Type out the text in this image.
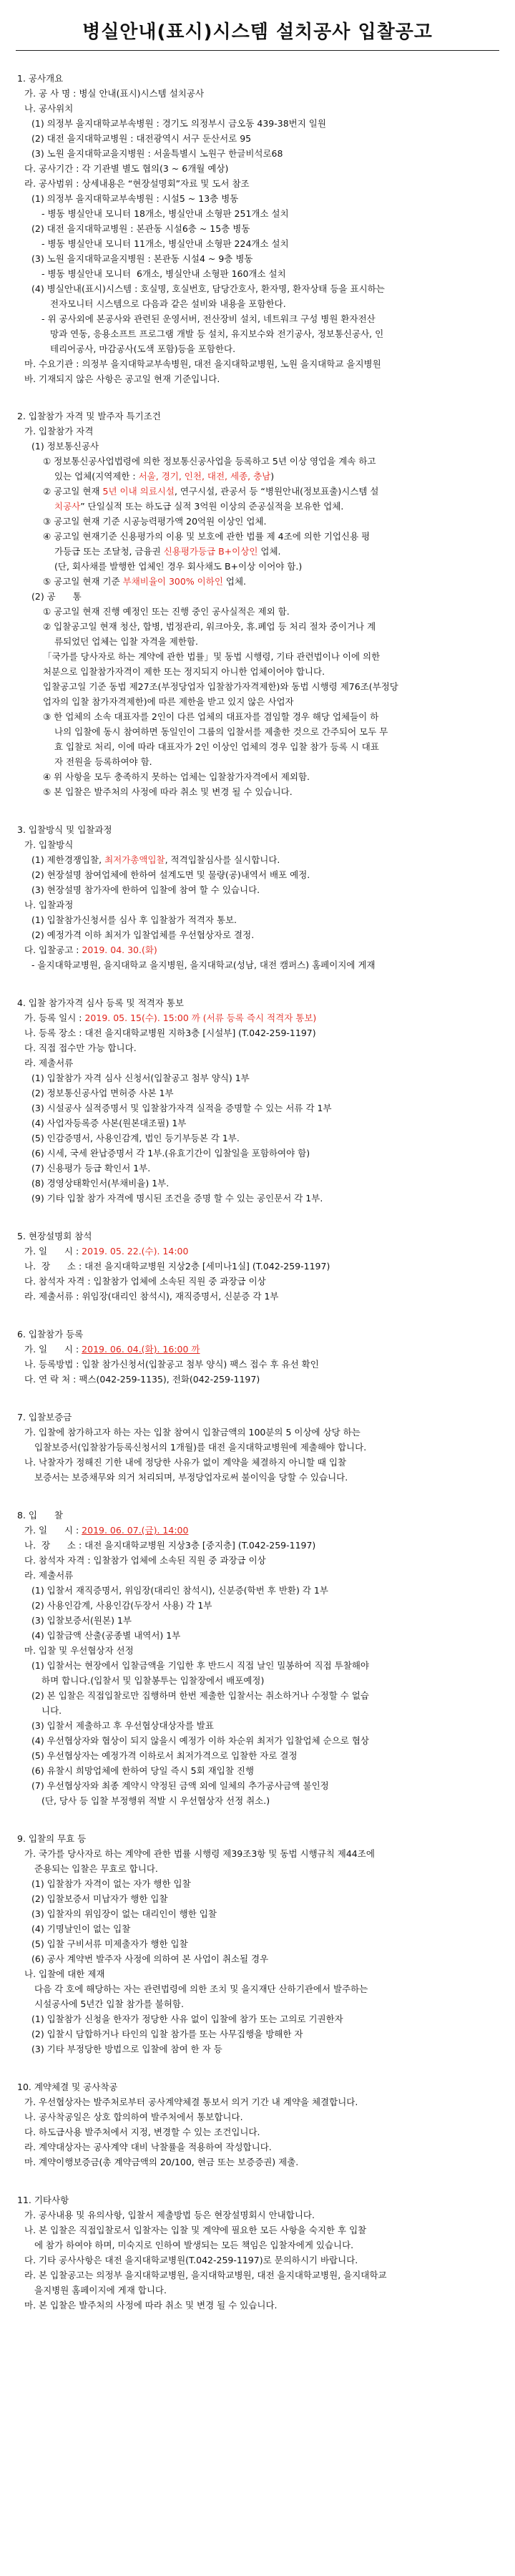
병실안내(표시)시스템 설치공사 입찰공고
1. 공사개요
가. 공 사 명 : 병실 안내(표시)시스템 설치공사
나. 공사위치
(1) 의정부 을지대학교부속병원 : 경기도 의정부시 금오동 439-38번지 일원
(2) 대전 을지대학교병원 : 대전광역시 서구 둔산서로 95
(3) 노원 을지대학교을지병원 : 서울특별시 노원구 한글비석로68
다. 공사기간 : 각 기관별 별도 협의(3 ~ 6개월 예상)
라. 공사범위 : 상세내용은 “현장설명회”자료 및 도서 참조
(1) 의정부 을지대학교부속병원 : 시설5 ~ 13층 병동
- 병동 병실안내 모니터 18개소, 병실안내 소형판 251개소 설치
(2) 대전 을지대학교병원 : 본관동 시설6층 ~ 15층 병동
- 병동 병실안내 모니터 11개소, 병실안내 소형판 224개소 설치
(3) 노원 을지대학교을지병원 : 본관동 시설4 ~ 9층 병동
- 병동 병실안내 모니터  6개소, 병실안내 소형판 160개소 설치
(4) 병실안내(표시)시스템 : 호실명, 호실번호, 담당간호사, 환자명, 환자상태 등을 표시하는
전자모니터 시스템으로 다음과 같은 설비와 내용을 포함한다.
- 위 공사외에 본공사와 관련된 운영서버, 전산장비 설치, 네트워크 구성 병원 환자전산
망과 연동, 응용소프트 프로그램 개발 등 설치, 유지보수와 전기공사, 정보통신공사, 인
테리어공사, 마감공사(도색 포함)등을 포함한다.
마. 수요기관 : 의정부 을지대학교부속병원, 대전 을지대학교병원, 노원 을지대학교 을지병원
바. 기재되지 않은 사항은 공고일 현재 기준입니다.
2. 입찰참가 자격 및 발주자 특기조건
가. 입찰참가 자격
(1) 정보통신공사
① 정보통신공사업법령에 의한 정보통신공사업을 등록하고 5년 이상 영업을 계속 하고
있는 업체(지역제한 : 서울, 경기, 인천, 대전, 세종, 충남)
② 공고일 현재 5년 이내 의료시설, 연구시설, 관공서 등 “병원안내(정보표출)시스템 설
치공사” 단일실적 또는 하도급 실적 3억원 이상의 준공실적을 보유한 업체.
③ 공고일 현재 기준 시공능력평가액 20억원 이상인 업체.
④ 공고일 현재기준 신용평가의 이용 및 보호에 관한 법률 제 4조에 의한 기업신용 평
가등급 또는 조달청, 금융권 신용평가등급 B+이상인 업체.
(단, 회사채를 발행한 업체인 경우 회사채도 B+이상 이어야 함.)
⑤ 공고일 현재 기준 부채비율이 300% 이하인 업체.
(2) 공      통
① 공고일 현재 진행 예정인 또는 진행 중인 공사실적은 제외 함.
② 입찰공고일 현재 청산, 합병, 법정관리, 워크아웃, 휴.폐업 등 처리 절차 중이거나 계
류되었던 업체는 입찰 자격을 제한함.
「국가를 당사자로 하는 계약에 관한 법률」및 동법 시행령, 기타 관련법이나 이에 의한
처분으로 입찰참가자격이 제한 또는 정지되지 아니한 업체이어야 합니다.
입찰공고일 기준 동법 제27조(부정당업자 입찰참가자격제한)와 동법 시행령 제76조(부정당
업자의 입찰 참가자격제한)에 따른 제한을 받고 있지 않은 사업자
③ 한 업체의 소속 대표자를 2인이 다른 업체의 대표자를 겸임할 경우 해당 업체들이 하
나의 입찰에 동시 참여하면 동일인이 그룹의 입찰서를 제출한 것으로 간주되어 모두 무
효 입찰로 처리, 이에 따라 대표자가 2인 이상인 업체의 경우 입찰 참가 등록 시 대표
자 전원을 등록하여야 함.
④ 위 사항을 모두 충족하지 못하는 업체는 입찰참가자격에서 제외함.
⑤ 본 입찰은 발주처의 사정에 따라 취소 및 변경 될 수 있습니다.
3. 입찰방식 및 입찰과정
가. 입찰방식
(1) 제한경쟁입찰, 최저가총액입찰, 적격입찰심사를 실시합니다.
(2) 현장설명 참여업체에 한하여 설계도면 및 물량(공)내역서 배포 예정.
(3) 현장설명 참가자에 한하여 입찰에 참여 할 수 있습니다.
나. 입찰과정
(1) 입찰참가신청서를 심사 후 입찰참가 적격자 통보.
(2) 예정가격 이하 최저가 입찰업체를 우선협상자로 결정.
다. 입찰공고 : 2019. 04. 30.(화)
- 을지대학교병원, 을지대학교 을지병원, 을지대학교(성남, 대전 캠퍼스) 홈페이지에 게재
4. 입찰 참가자격 심사 등록 및 적격자 통보
가. 등록 일시 : 2019. 05. 15(수). 15:00 까 (서류 등록 즉시 적격자 통보)
나. 등록 장소 : 대전 을지대학교병원 지하3층 [시설부] (T.042-259-1197)
다. 직접 접수만 가능 합니다.
라. 제출서류
(1) 입찰참가 자격 심사 신청서(입찰공고 첨부 양식) 1부
(2) 정보통신공사업 면허증 사본 1부
(3) 시설공사 실적증명서 및 입찰참가자격 실적을 증명할 수 있는 서류 각 1부
(4) 사업자등록증 사본(원본대조필) 1부
(5) 인감증명서, 사용인감계, 법인 등기부등본 각 1부.
(6) 시세, 국세 완납증명서 각 1부.(유효기간이 입찰일을 포함하여야 함)
(7) 신용평가 등급 확인서 1부.
(8) 경영상태확인서(부채비율) 1부.
(9) 기타 입찰 참가 자격에 명시된 조건을 증명 할 수 있는 공인문서 각 1부.
5. 현장설명회 참석
가. 일      시 : 2019. 05. 22.(수). 14:00
나.  장      소 : 대전 을지대학교병원 지상2층 [세미나1실] (T.042-259-1197)
다. 참석자 자격 : 입찰참가 업체에 소속된 직원 중 과장급 이상
라. 제출서류 : 위임장(대리인 참석시), 재직증명서, 신분증 각 1부
6. 입찰참가 등록
가. 일      시 : 2019. 06. 04.(화). 16:00 까
나. 등록방법 : 입찰 참가신청서(입찰공고 첨부 양식) 팩스 접수 후 유선 확인
다. 연 락 처 : 팩스(042-259-1135), 전화(042-259-1197)
7. 입찰보증금
가. 입찰에 참가하고자 하는 자는 입찰 참여시 입찰금액의 100분의 5 이상에 상당 하는
입찰보증서(입찰참가등록신청서의 1개월)를 대전 을지대학교병원에 제출해야 합니다.
나. 낙찰자가 정해진 기한 내에 정당한 사유가 없이 계약을 체결하지 아니할 때 입찰
보증서는 보증채무와 의거 처리되며, 부정당업자로써 불이익을 당할 수 있습니다.
8. 입      찰
가. 일      시 : 2019. 06. 07.(금). 14:00
나.  장      소 : 대전 을지대학교병원 지상3층 [중지층] (T.042-259-1197)
다. 참석자 자격 : 입찰참가 업체에 소속된 직원 중 과장급 이상
라. 제출서류
(1) 입찰서 재직증명서, 위임장(대리인 참석시), 신분증(학번 후 반환) 각 1부
(2) 사용인감계, 사용인감(두장서 사용) 각 1부
(3) 입찰보증서(원본) 1부
(4) 입찰금액 산출(공종별 내역서) 1부
마. 입찰 및 우선협상자 선정
(1) 입찰서는 현장에서 입찰금액을 기입한 후 반드시 직접 날인 밀봉하여 직접 투찰해야
하며 합니다.(입찰서 및 입찰봉투는 입찰장에서 배포예정)
(2) 본 입찰은 직접입찰로만 집행하며 한번 제출한 입찰서는 취소하거나 수정할 수 없습
니다.
(3) 입찰서 제출하고 후 우선협상대상자를 발표
(4) 우선협상자와 협상이 되지 않을시 예정가 이하 차순위 최저가 입찰업체 순으로 협상
(5) 우선협상자는 예정가격 이하로서 최저가격으로 입찰한 자로 결정
(6) 유찰시 희망업체에 한하여 당일 즉시 5회 재입찰 진행
(7) 우선협상자와 최종 계약시 약정된 금액 외에 일체의 추가공사금액 불인정
(단, 당사 등 입찰 부정행위 적발 시 우선협상자 선정 취소.)
9. 입찰의 무효 등
가. 국가를 당사자로 하는 계약에 관한 법률 시행령 제39조3항 및 동법 시행규칙 제44조에
준용되는 입찰은 무효로 합니다.
(1) 입찰참가 자격이 없는 자가 행한 입찰
(2) 입찰보증서 미납자가 행한 입찰
(3) 입찰자의 위임장이 없는 대리인이 행한 입찰
(4) 기명날인이 없는 입찰
(5) 입찰 구비서류 미제출자가 행한 입찰
(6) 공사 계약번 발주자 사정에 의하여 본 사업이 취소될 경우
나. 입찰에 대한 제재
다음 각 호에 해당하는 자는 관련법령에 의한 조치 및 을지재단 산하기관에서 발주하는
시설공사에 5년간 입찰 참가를 불허함.
(1) 입찰참가 신청을 한자가 정당한 사유 없이 입찰에 참가 또는 고의로 기권한자
(2) 입찰시 담합하거나 타인의 입찰 참가를 또는 사무집행을 방해한 자
(3) 기타 부정당한 방법으로 입찰에 참여 한 자 등
10. 계약체결 및 공사착공
가. 우선협상자는 발주처로부터 공사계약체결 통보서 의거 기간 내 계약을 체결합니다.
나. 공사착공일은 상호 합의하여 발주처에서 통보합니다.
다. 하도급사용 발주처에서 지정, 변경할 수 있는 조건입니다.
라. 계약대상자는 공사계약 대비 낙찰률을 적용하여 작성합니다.
마. 계약이행보증금(총 계약금액의 20/100, 현금 또는 보증증권) 제출.
11. 기타사항
가. 공사내용 및 유의사항, 입찰서 제출방법 등은 현장설명회시 안내합니다.
나. 본 입찰은 직접입찰로서 입찰자는 입찰 및 계약에 필요한 모든 사항을 숙지한 후 입찰
에 참가 하여야 하며, 미숙지로 인하여 발생되는 모든 책임은 입찰자에게 있습니다.
다. 기타 공사사항은 대전 을지대학교병원(T.042-259-1197)로 문의하시기 바랍니다.
라. 본 입찰공고는 의정부 을지대학교병원, 을지대학교병원, 대전 을지대학교병원, 을지대학교
을지병원 홈페이지에 게재 합니다.
마. 본 입찰은 발주처의 사정에 따라 취소 및 변경 될 수 있습니다.
